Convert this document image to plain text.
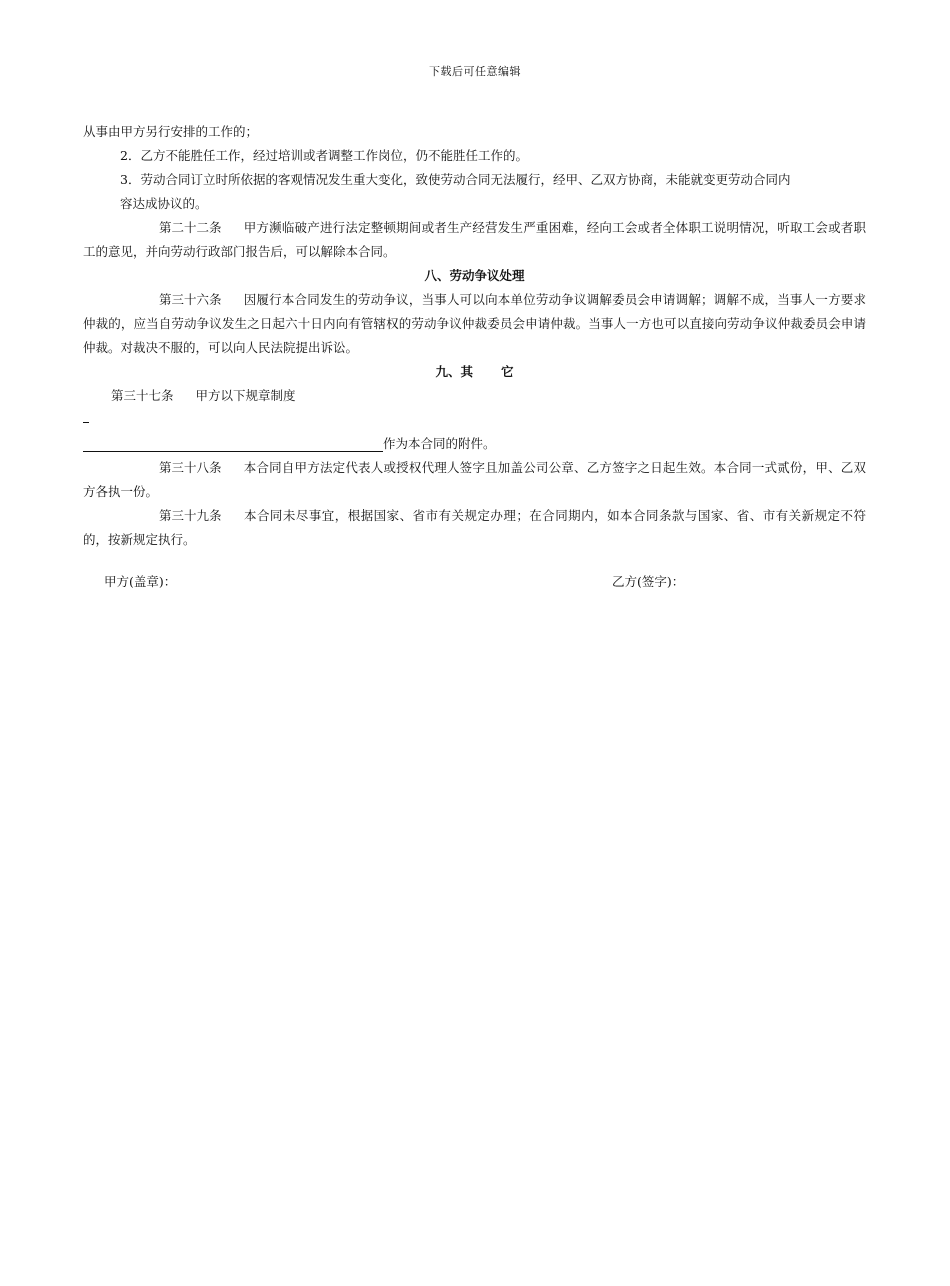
下载后可任意编辑

从事由甲方另行安排的工作的；

2．乙方不能胜任工作，经过培训或者调整工作岗位，仍不能胜任工作的。

3．劳动合同订立时所依据的客观情况发生重大变化，致使劳动合同无法履行，经甲、乙双方协商，未能就变更劳动合同内
容达成协议的。

第二十二条 甲方濒临破产进行法定整顿期间或者生产经营发生严重困难，经向工会或者全体职工说明情况，听取工会或者职工的意见，并向劳动行政部门报告后，可以解除本合同。

八、劳动争议处理

第三十六条 因履行本合同发生的劳动争议，当事人可以向本单位劳动争议调解委员会申请调解；调解不成，当事人一方要求仲裁的，应当自劳动争议发生之日起六十日内向有管辖权的劳动争议仲裁委员会申请仲裁。当事人一方也可以直接向劳动争议仲裁委员会申请仲裁。对裁决不服的，可以向人民法院提出诉讼。

九、其 它

第三十七条 甲方以下规章制度

作为本合同的附件。

第三十八条 本合同自甲方法定代表人或授权代理人签字且加盖公司公章、乙方签字之日起生效。本合同一式贰份，甲、乙双方各执一份。

第三十九条 本合同未尽事宜，根据国家、省市有关规定办理；在合同期内，如本合同条款与国家、省、市有关新规定不符的，按新规定执行。

甲方(盖章)：	乙方(签字)：
